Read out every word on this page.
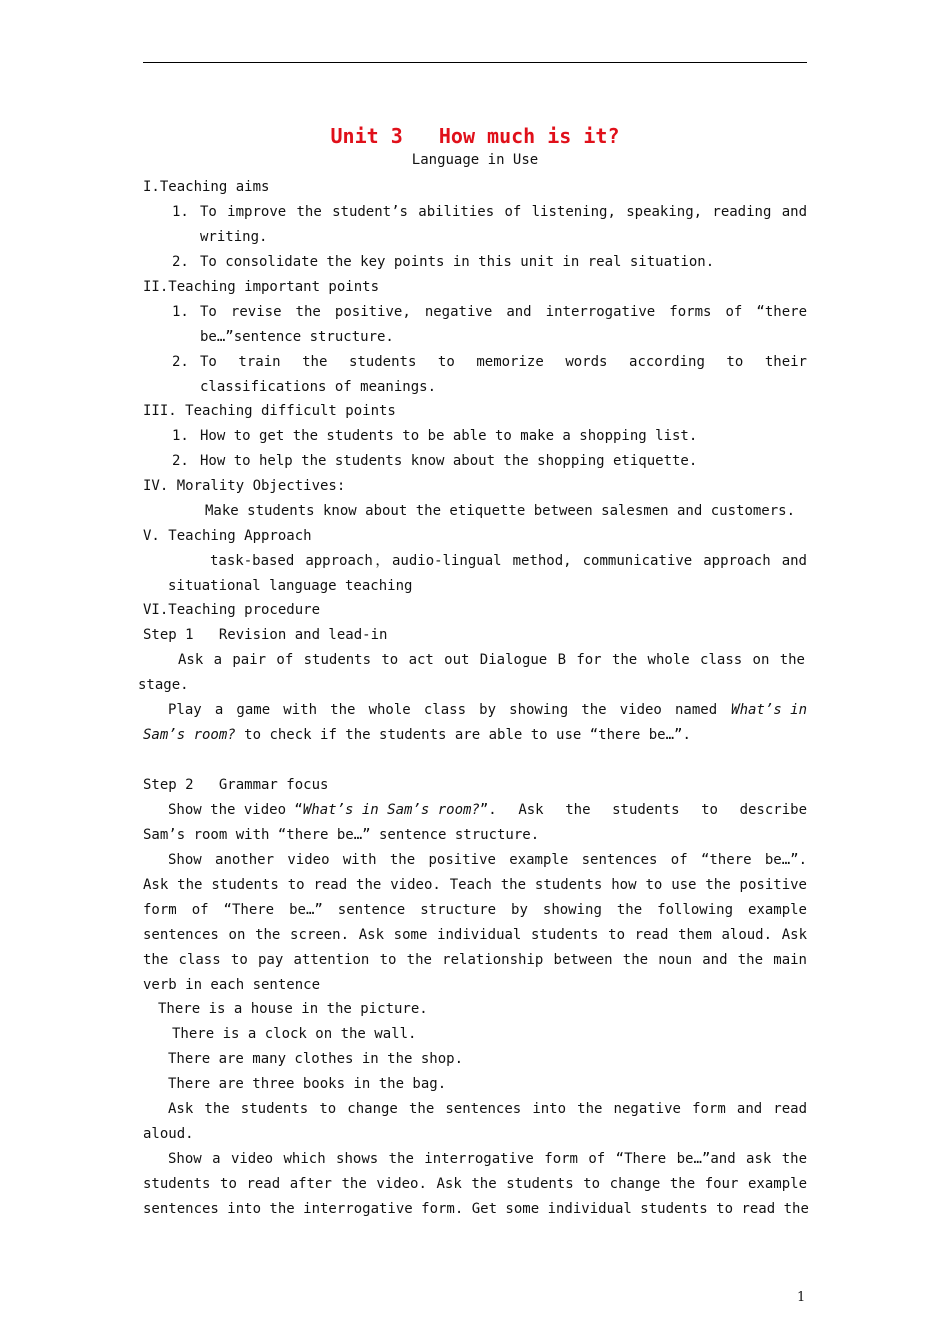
Unit 3   How much is it?
Language in Use
I.Teaching aims
1. To improve the student’s abilities of listening, speaking, reading and
writing.
2. To consolidate the key points in this unit in real situation.
II.Teaching important points
1. To revise the positive, negative and interrogative forms of “there
be…”sentence structure.
2. To train the students to memorize words according to their
classifications of meanings.
III. Teaching difficult points
1. How to get the students to be able to make a shopping list.
2. How to help the students know about the shopping etiquette.
IV. Morality Objectives:
Make students know about the etiquette between salesmen and customers.
V. Teaching Approach
task-based approach，audio-lingual method, communicative approach and
situational language teaching
VI.Teaching procedure
Step 1   Revision and lead-in
Ask a pair of students to act out Dialogue B for the whole class on the
stage.
Play a game with the whole class by showing the video named What’s in
Sam’s room? to check if the students are able to use “there be…”.
Step 2   Grammar focus
Show the video “ What’s in Sam’s room? ”. Ask the students to describe
Sam’s room with “there be…” sentence structure.
Show another video with the positive example sentences of “there be…”.
Ask the students to read the video. Teach the students how to use the positive
form of “There be…” sentence structure by showing the following example
sentences on the screen. Ask some individual students to read them aloud. Ask
the class to pay attention to the relationship between the noun and the main
verb in each sentence
There is a house in the picture.
There is a clock on the wall.
There are many clothes in the shop.
There are three books in the bag.
Ask the students to change the sentences into the negative form and read
aloud.
Show a video which shows the interrogative form of “There be…”and ask the
students to read after the video. Ask the students to change the four example
sentences into the interrogative form. Get some individual students to read the
1
